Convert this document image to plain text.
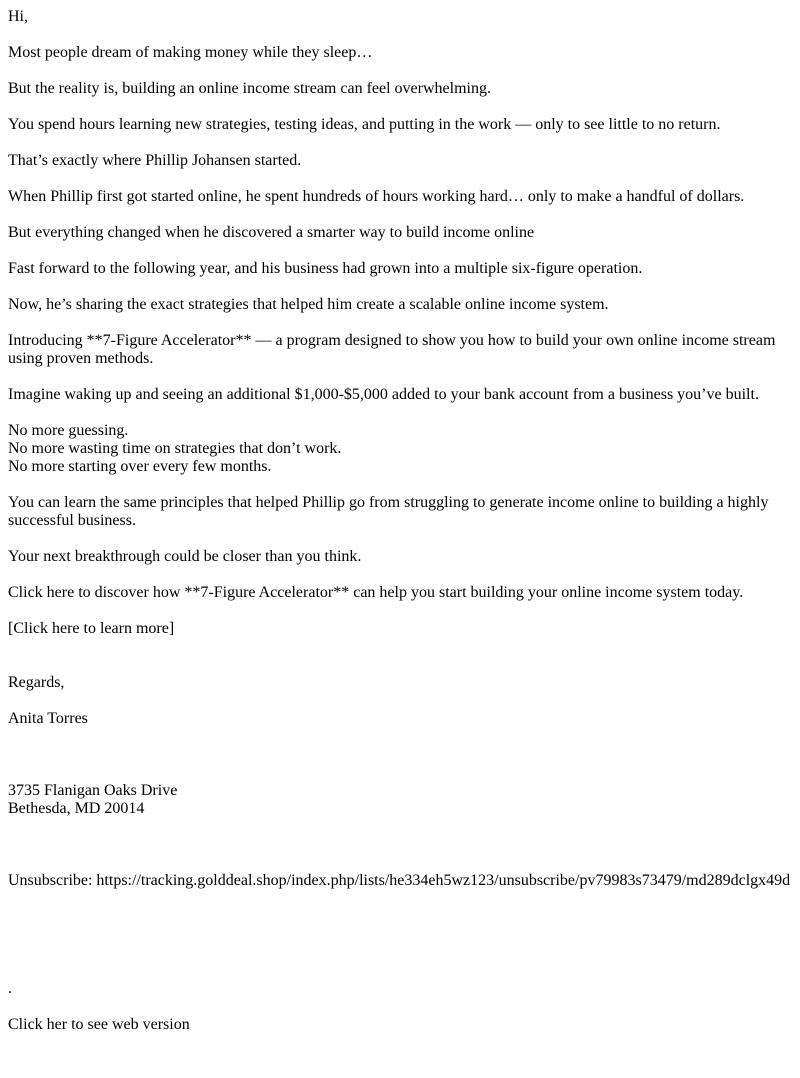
Hi,

Most people dream of making money while they sleep…

But the reality is, building an online income stream can feel overwhelming.

You spend hours learning new strategies, testing ideas, and putting in the work — only to see little to no return.

That’s exactly where Phillip Johansen started.

When Phillip first got started online, he spent hundreds of hours working hard… only to make a handful of dollars.

But everything changed when he discovered a smarter way to build income online

Fast forward to the following year, and his business had grown into a multiple six-figure operation.

Now, he’s sharing the exact strategies that helped him create a scalable online income system.

Introducing **7-Figure Accelerator** — a program designed to show you how to build your own online income stream using proven methods.

Imagine waking up and seeing an additional $1,000-$5,000 added to your bank account from a business you’ve built.

No more guessing.
No more wasting time on strategies that don’t work.
No more starting over every few months.

You can learn the same principles that helped Phillip go from struggling to generate income online to building a highly successful business.

Your next breakthrough could be closer than you think.

Click here to discover how **7-Figure Accelerator** can help you start building your online income system today.

[Click here to learn more]

Regards,

Anita Torres

3735 Flanigan Oaks Drive
Bethesda, MD 20014

Unsubscribe: https://tracking.golddeal.shop/index.php/lists/he334eh5wz123/unsubscribe/pv79983s73479/md289dclgx49d

.

Click her to see web version
